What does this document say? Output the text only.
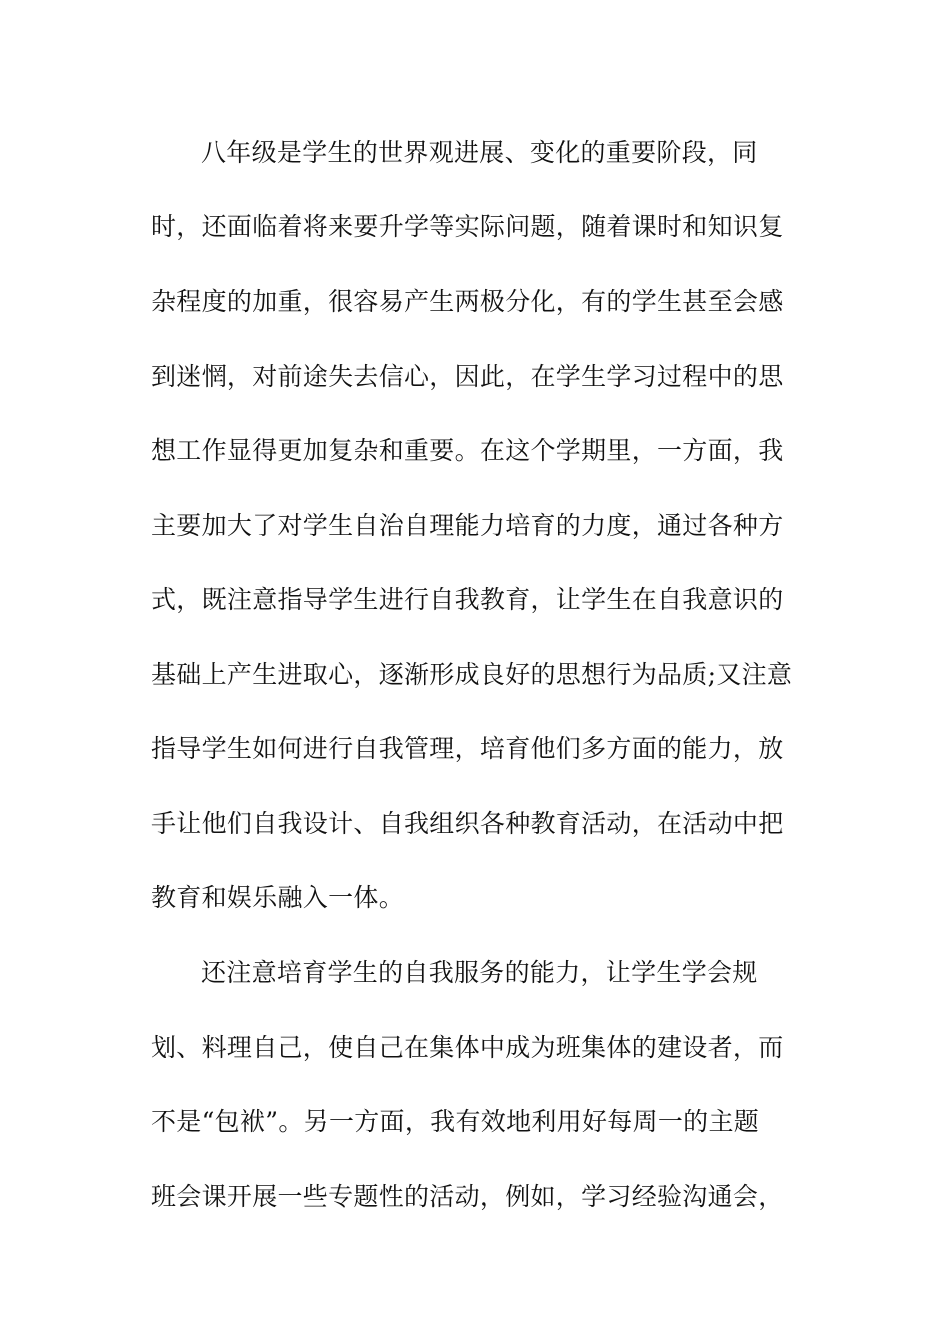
八年级是学生的世界观进展、变化的重要阶段，同
时，还面临着将来要升学等实际问题，随着课时和知识复
杂程度的加重，很容易产生两极分化，有的学生甚至会感
到迷惘，对前途失去信心，因此，在学生学习过程中的思
想工作显得更加复杂和重要。在这个学期里，一方面，我
主要加大了对学生自治自理能力培育的力度，通过各种方
式，既注意指导学生进行自我教育，让学生在自我意识的
基础上产生进取心，逐渐形成良好的思想行为品质;又注意
指导学生如何进行自我管理，培育他们多方面的能力，放
手让他们自我设计、自我组织各种教育活动，在活动中把
教育和娱乐融入一体。
还注意培育学生的自我服务的能力，让学生学会规
划、料理自己，使自己在集体中成为班集体的建设者，而
不是“包袱”。另一方面，我有效地利用好每周一的主题
班会课开展一些专题性的活动，例如，学习经验沟通会，
